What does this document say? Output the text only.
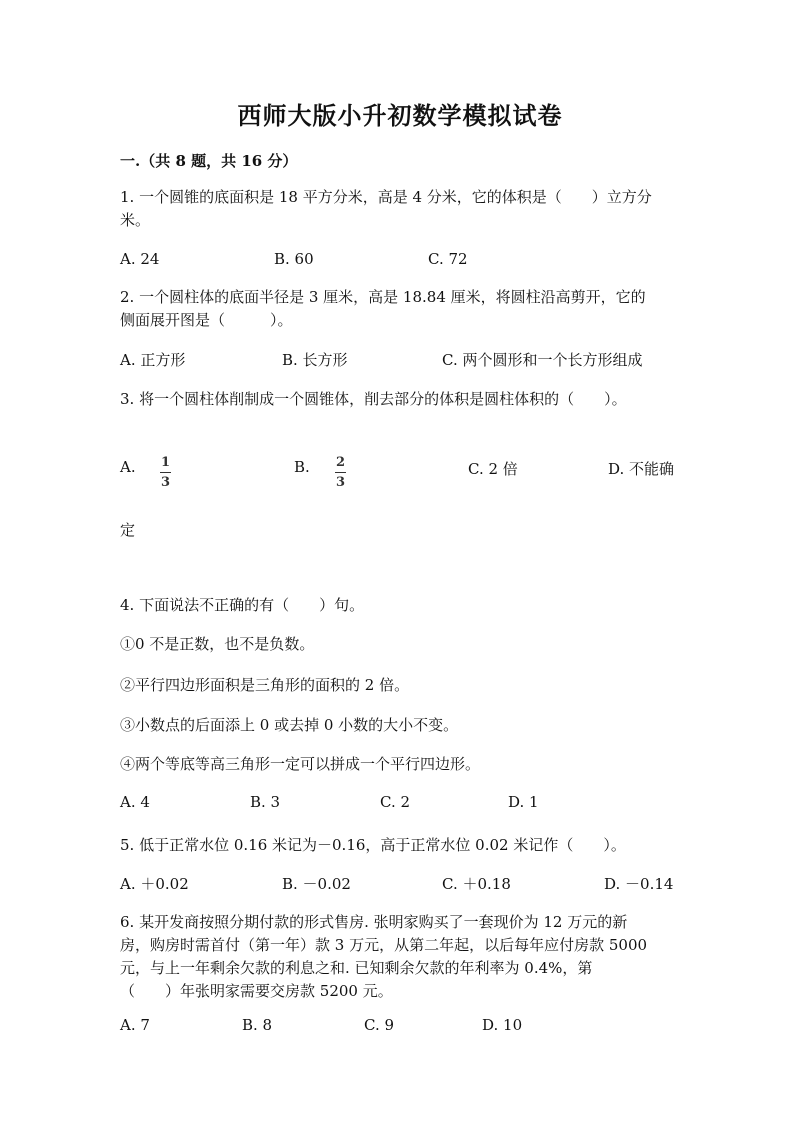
西师大版小升初数学模拟试卷
一.（共 8 题，共 16 分）
1. 一个圆锥的底面积是 18 平方分米，高是 4 分米，它的体积是（　　）立方分
米。
A. 24	B. 60	C. 72
2. 一个圆柱体的底面半径是 3 厘米，高是 18.84 厘米，将圆柱沿高剪开，它的
侧面展开图是（　　　）。
A. 正方形	B. 长方形	C. 两个圆形和一个长方形组成
3. 将一个圆柱体削制成一个圆锥体，削去部分的体积是圆柱体积的（　　）。
A. $\frac{1}{3}$	B. $\frac{2}{3}$	C. 2 倍	D. 不能确
定
4. 下面说法不正确的有（　　）句。
①0 不是正数，也不是负数。
②平行四边形面积是三角形的面积的 2 倍。
③小数点的后面添上 0 或去掉 0 小数的大小不变。
④两个等底等高三角形一定可以拼成一个平行四边形。
A. 4	B. 3	C. 2	D. 1
5. 低于正常水位 0.16 米记为－0.16，高于正常水位 0.02 米记作（　　）。
A. ＋0.02	B. －0.02	C. ＋0.18	D. －0.14
6. 某开发商按照分期付款的形式售房. 张明家购买了一套现价为 12 万元的新
房，购房时需首付（第一年）款 3 万元，从第二年起，以后每年应付房款 5000
元，与上一年剩余欠款的利息之和. 已知剩余欠款的年利率为 0.4%，第
（　　）年张明家需要交房款 5200 元。
A. 7	B. 8	C. 9	D. 10
